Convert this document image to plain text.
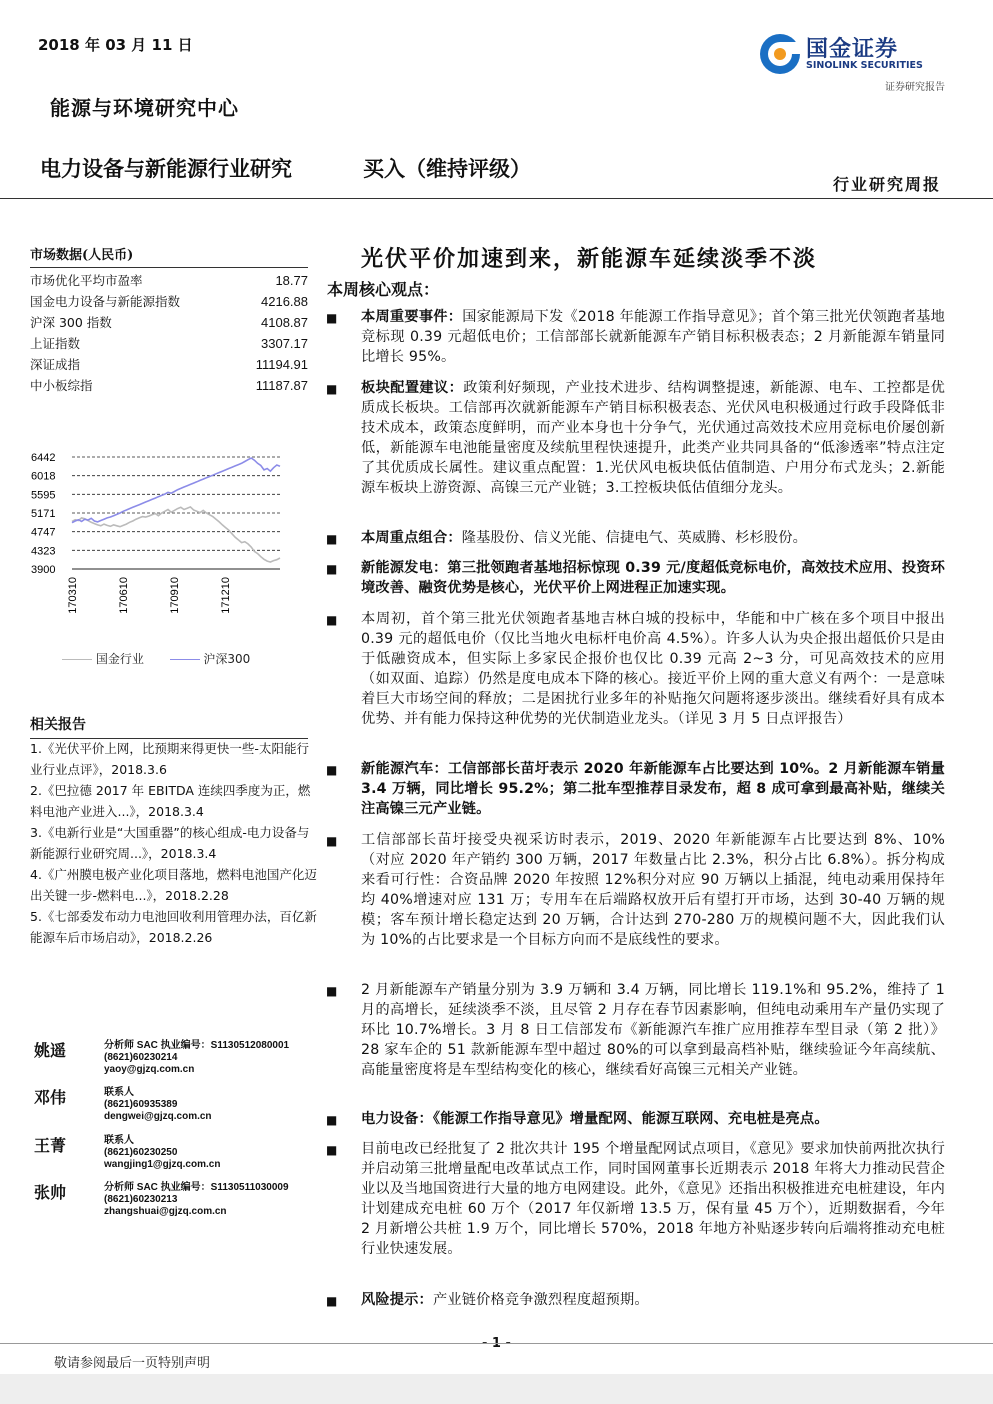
2018 年 03 月 11 日
能源与环境研究中心
国金证券
SINOLINK SECURITIES
证券研究报告
电力设备与新能源行业研究	买入（维持评级）
行业研究周报
市场数据(人民币)
市场优化平均市盈率	18.77
国金电力设备与新能源指数	4216.88
沪深 300 指数	4108.87
上证指数	3307.17
深证成指	11194.91
中小板综指	11187.87
6442
6018
5595
5171
4747
4323
3900
170310	170610	170910	171210
国金行业	沪深300
相关报告
1.《光伏平价上网，比预期来得更快一些-太阳能行业行业点评》，2018.3.6
2.《巴拉德 2017 年 EBITDA 连续四季度为正，燃料电池产业进入...》，2018.3.4
3.《电新行业是“大国重器”的核心组成-电力设备与新能源行业研究周...》，2018.3.4
4.《广州膜电极产业化项目落地，燃料电池国产化迈出关键一步-燃料电...》，2018.2.28
5.《七部委发布动力电池回收利用管理办法，百亿新能源车后市场启动》，2018.2.26
姚遥	分析师 SAC 执业编号：S1130512080001
(8621)60230214
yaoy@gjzq.com.cn
邓伟	联系人
(8621)60935389
dengwei@gjzq.com.cn
王菁	联系人
(8621)60230250
wangjing1@gjzq.com.cn
张帅	分析师 SAC 执业编号：S1130511030009
(8621)60230213
zhangshuai@gjzq.com.cn
光伏平价加速到来，新能源车延续淡季不淡
本周核心观点：
■ 本周重要事件：国家能源局下发《2018 年能源工作指导意见》；首个第三批光伏领跑者基地竞标现 0.39 元超低电价；工信部部长就新能源车产销目标积极表态；2 月新能源车销量同比增长 95%。
■ 板块配置建议：政策利好频现，产业技术进步、结构调整提速，新能源、电车、工控都是优质成长板块。工信部再次就新能源车产销目标积极表态、光伏风电积极通过行政手段降低非技术成本，政策态度鲜明，而产业本身也十分争气，光伏通过高效技术应用竞标电价屡创新低，新能源车电池能量密度及续航里程快速提升，此类产业共同具备的“低渗透率”特点注定了其优质成长属性。建议重点配置：1.光伏风电板块低估值制造、户用分布式龙头；2.新能源车板块上游资源、高镍三元产业链；3.工控板块低估值细分龙头。
■ 本周重点组合：隆基股份、信义光能、信捷电气、英威腾、杉杉股份。
■ 新能源发电：第三批领跑者基地招标惊现 0.39 元/度超低竞标电价，高效技术应用、投资环境改善、融资优势是核心，光伏平价上网进程正加速实现。
■ 本周初，首个第三批光伏领跑者基地吉林白城的投标中，华能和中广核在多个项目中报出 0.39 元的超低电价（仅比当地火电标杆电价高 4.5%）。许多人认为央企报出超低价只是由于低融资成本，但实际上多家民企报价也仅比 0.39 元高 2~3 分，可见高效技术的应用（如双面、追踪）仍然是度电成本下降的核心。接近平价上网的重大意义有两个：一是意味着巨大市场空间的释放；二是困扰行业多年的补贴拖欠问题将逐步淡出。继续看好具有成本优势、并有能力保持这种优势的光伏制造业龙头。（详见 3 月 5 日点评报告）
■ 新能源汽车：工信部部长苗圩表示 2020 年新能源车占比要达到 10%。2 月新能源车销量 3.4 万辆，同比增长 95.2%；第二批车型推荐目录发布，超 8 成可拿到最高补贴，继续关注高镍三元产业链。
■ 工信部部长苗圩接受央视采访时表示，2019、2020 年新能源车占比要达到 8%、10%（对应 2020 年产销约 300 万辆，2017 年数量占比 2.3%，积分占比 6.8%）。拆分构成来看可行性：合资品牌 2020 年按照 12%积分对应 90 万辆以上插混，纯电动乘用保持年均 40%增速对应 131 万；专用车在后端路权放开后有望打开市场，达到 30-40 万辆的规模；客车预计增长稳定达到 20 万辆，合计达到 270-280 万的规模问题不大，因此我们认为 10%的占比要求是一个目标方向而不是底线性的要求。
■ 2 月新能源车产销量分别为 3.9 万辆和 3.4 万辆，同比增长 119.1%和 95.2%，维持了 1 月的高增长，延续淡季不淡，且尽管 2 月存在春节因素影响，但纯电动乘用车产量仍实现了环比 10.7%增长。3 月 8 日工信部发布《新能源汽车推广应用推荐车型目录（第 2 批）》28 家车企的 51 款新能源车型中超过 80%的可以拿到最高档补贴，继续验证今年高续航、高能量密度将是车型结构变化的核心，继续看好高镍三元相关产业链。
■ 电力设备：《能源工作指导意见》增量配网、能源互联网、充电桩是亮点。
■ 目前电改已经批复了 2 批次共计 195 个增量配网试点项目，《意见》要求加快前两批次执行并启动第三批增量配电改革试点工作，同时国网董事长近期表示 2018 年将大力推动民营企业以及当地国资进行大量的地方电网建设。此外，《意见》还指出积极推进充电桩建设，年内计划建成充电桩 60 万个（2017 年仅新增 13.5 万，保有量 45 万个），近期数据看，今年 2 月新增公共桩 1.9 万个，同比增长 570%，2018 年地方补贴逐步转向后端将推动充电桩行业快速发展。
■ 风险提示：产业链价格竞争激烈程度超预期。
- 1 -
敬请参阅最后一页特别声明
